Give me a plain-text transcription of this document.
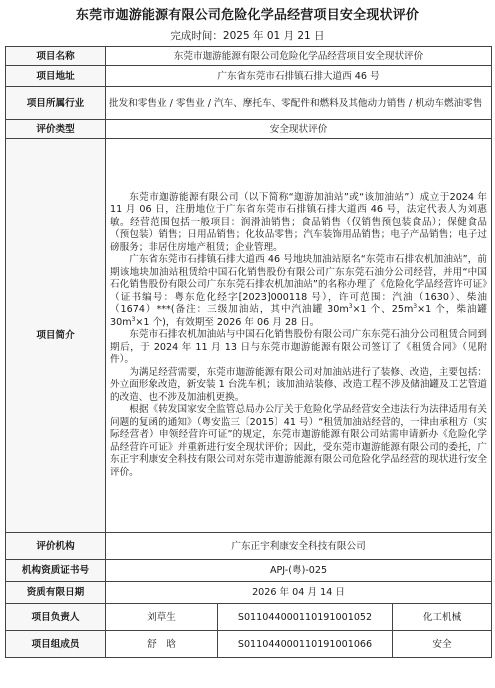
东莞市迦游能源有限公司危险化学品经营项目安全现状评价
完成时间：2025 年 01 月 21 日
项目名称	东莞市迦游能源有限公司危险化学品经营项目安全现状评价		
项目地址	广东省东莞市石排镇石排大道西 46 号		
项目所属行业	批发和零售业 / 零售业 / 汽车、摩托车、零配件和燃料及其他动力销售 / 机动车燃油零售		
评价类型	安全现状评价		
项目简介	东莞市迦游能源有限公司（以下简称“迦游加油站”或“该加油站”）成立于2024 年 11 月 06 日，注册地位于广东省东莞市石排镇石排大道西 46 号，法定代表人为刘惠敏。经营范围包括一般项目：润滑油销售；食品销售（仅销售预包装食品）；保健食品（预包装）销售；日用品销售；化妆品零售；汽车装饰用品销售；电子产品销售；电子过磅服务；非居住房地产租赁；企业管理。

广东省东莞市石排镇石排大道西 46 号地块加油站原名“东莞市石排农机加油站”，前期该地块加油站租赁给中国石化销售股份有限公司广东东莞石油分公司经营，并用“中国石化销售股份有限公司广东东莞石排农机加油站”的名称办理了《危险化学品经营许可证》（证书编号：粤东危化经字[2023]000118 号），许可范围：汽油（1630）、柴油（1674）***(备注：三级加油站，其中汽油罐 $30m^3\times 1$ 个、$25m^3\times 1$ 个，柴油罐 $30m^3\times 1$ 个)，有效期至 2026 年 06 月 28 日。

东莞市石排农机加油站与中国石化销售股份有限公司广东东莞石油分公司租赁合同到期后，于 2024 年 11 月 13 日与东莞市迦游能源有限公司签订了《租赁合同》（见附件）。

为满足经营需要，东莞市迦游能源有限公司对加油站进行了装修、改造，主要包括：外立面形象改造，新安装 1 台洗车机；该加油站装修、改造工程不涉及储油罐及工艺管道的改造、也不涉及加油机更换。

根据《转发国家安全监管总局办公厅关于危险化学品经营安全违法行为法律适用有关问题的复函的通知》（粤安监三〔2015〕41 号）“租赁加油站经营的，一律由承租方（实际经营者）申领经营许可证”的规定，东莞市迦游能源有限公司站需申请新办《危险化学品经营许可证》并重新进行安全现状评价；因此，受东莞市迦游能源有限公司的委托，广东正宇利康安全科技有限公司对东莞市迦游能源有限公司危险化学品经营的现状进行安全评价。		

评价机构	广东正宇利康安全科技有限公司		
机构资质证书号	APJ-(粤)-025		
资质有限日期	2026 年 04 月 14 日		
项目负责人	刘草生	S011044000110191001052	化工机械
项目组成员	舒　晗	S011044000110191001066	安全
